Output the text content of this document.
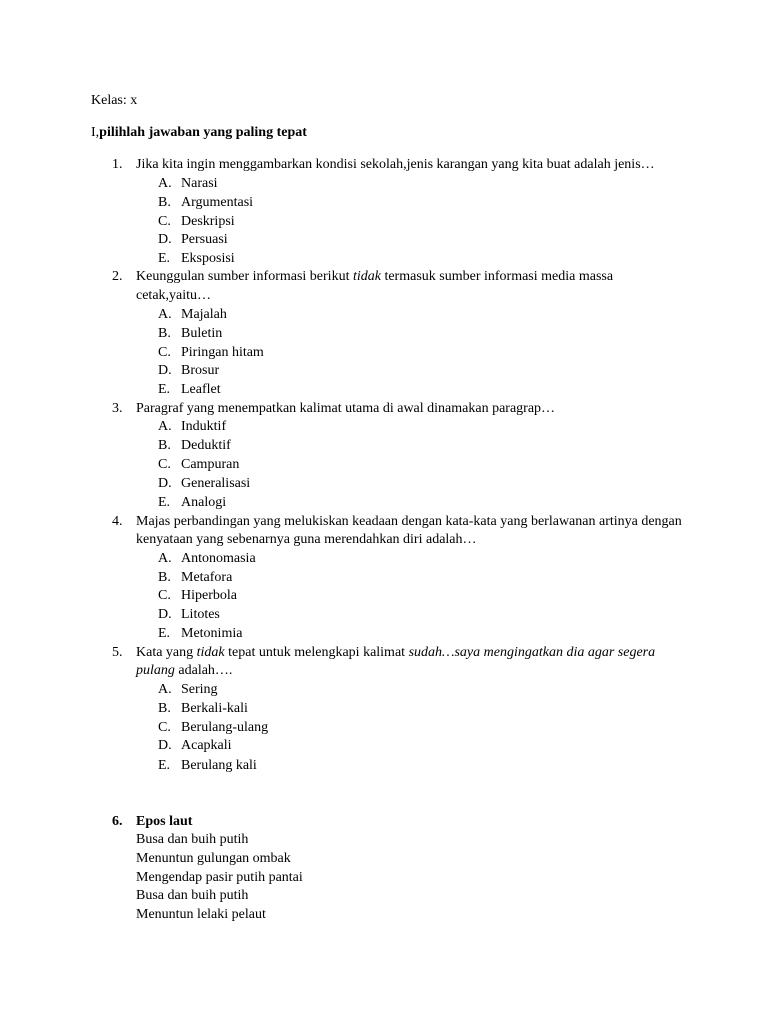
Kelas: x
I,pilihlah jawaban yang paling tepat
1. Jika kita ingin menggambarkan kondisi sekolah,jenis karangan yang kita buat adalah jenis…
A. Narasi
B. Argumentasi
C. Deskripsi
D. Persuasi
E. Eksposisi
2. Keunggulan sumber informasi berikut tidak termasuk sumber informasi media massa
cetak,yaitu…
A. Majalah
B. Buletin
C. Piringan hitam
D. Brosur
E. Leaflet
3. Paragraf yang menempatkan kalimat utama di awal dinamakan paragrap…
A. Induktif
B. Deduktif
C. Campuran
D. Generalisasi
E. Analogi
4. Majas perbandingan yang melukiskan keadaan dengan kata-kata yang berlawanan artinya dengan
kenyataan yang sebenarnya guna merendahkan diri adalah…
A. Antonomasia
B. Metafora
C. Hiperbola
D. Litotes
E. Metonimia
5. Kata yang tidak tepat untuk melengkapi kalimat sudah…saya mengingatkan dia agar segera
pulang adalah….
A. Sering
B. Berkali-kali
C. Berulang-ulang
D. Acapkali
E. Berulang kali
6. Epos laut
Busa dan buih putih
Menuntun gulungan ombak
Mengendap pasir putih pantai
Busa dan buih putih
Menuntun lelaki pelaut
